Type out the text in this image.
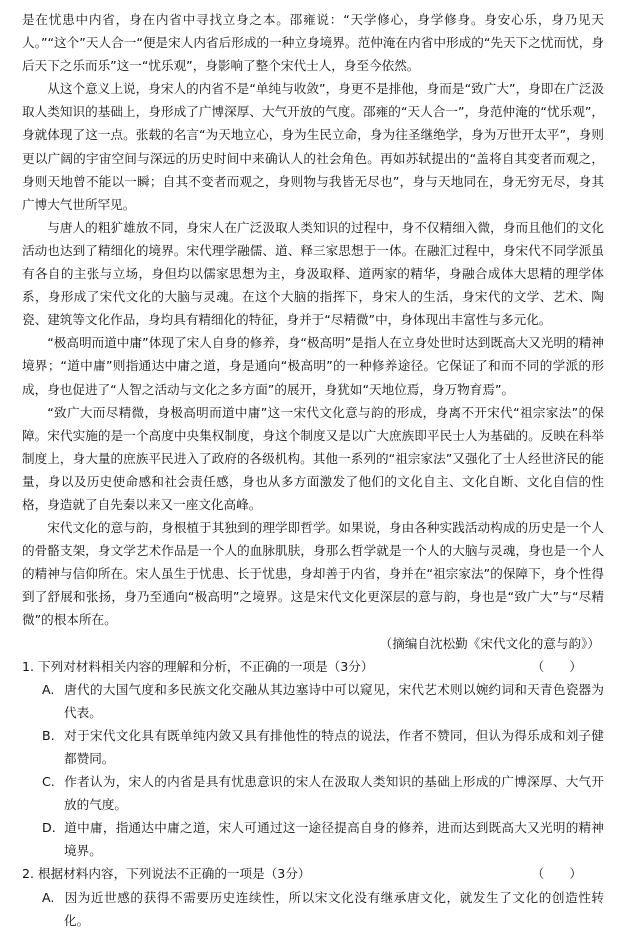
是在忧患中内省，身在内省中寻找立身之本。邵雍说：“天学修心，身学修身。身安心乐，身乃见天人。”“这个”天人合一“便是宋人内省后形成的一种立身境界。范仲淹在内省中形成的“先天下之忧而忧，身后天下之乐而乐”这一“忧乐观”，身影响了整个宋代士人，身至今依然。

从这个意义上说，身宋人的内省不是“单纯与收敛”，身更不是排他，身而是“致广大”，身即在广泛汲取人类知识的基础上，身形成了广博深厚、大气开放的气度。邵雍的“天人合一”，身范仲淹的“忧乐观”，身就体现了这一点。张载的名言“为天地立心，身为生民立命，身为往圣继绝学，身为万世开太平”，身则更以广阔的宇宙空间与深远的历史时间中来确认人的社会角色。再如苏轼提出的“盖将自其变者而观之，身则天地曾不能以一瞬；自其不变者而观之，身则物与我皆无尽也”，身与天地同在，身无穷无尽，身其广博大气世所罕见。

与唐人的粗犷雄放不同，身宋人在广泛汲取人类知识的过程中，身不仅精细入微，身而且他们的文化活动也达到了精细化的境界。宋代理学融儒、道、释三家思想于一体。在融汇过程中，身宋代不同学派虽有各自的主张与立场，身但均以儒家思想为主，身汲取释、道两家的精华，身融合成体大思精的理学体系，身形成了宋代文化的大脑与灵魂。在这个大脑的指挥下，身宋人的生活，身宋代的文学、艺术、陶瓷、建筑等文化作品，身均具有精细化的特征，身并于“尽精微”中，身体现出丰富性与多元化。

“极高明而道中庸”体现了宋人自身的修养，身“极高明”是指人在立身处世时达到既高大又光明的精神境界；“道中庸”则指通达中庸之道，身是通向“极高明”的一种修养途径。它保证了和而不同的学派的形成，身也促进了“人智之活动与文化之多方面”的展开，身犹如“天地位焉，身万物育焉”。

“致广大而尽精微，身极高明而道中庸”这一宋代文化意与韵的形成，身离不开宋代“祖宗家法”的保障。宋代实施的是一个高度中央集权制度，身这个制度又是以广大庶族即平民士人为基础的。反映在科举制度上，身大量的庶族平民进入了政府的各级机构。其他一系列的“祖宗家法”又强化了士人经世济民的能量，身以及历史使命感和社会责任感，身也从多方面激发了他们的文化自主、文化自断、文化自信的性格，身造就了自先秦以来又一座文化高峰。

宋代文化的意与韵，身根植于其独到的理学即哲学。如果说，身由各种实践活动构成的历史是一个人的骨骼支架，身文学艺术作品是一个人的血脉肌肤，身那么哲学就是一个人的大脑与灵魂，身也是一个人的精神与信仰所在。宋人虽生于忧患、长于忧患，身却善于内省，身并在“祖宗家法”的保障下，身个性得到了舒展和张扬，身乃至通向“极高明”之境界。这是宋代文化更深层的意与韵，身也是“致广大”与“尽精微”的根本所在。

（摘编自沈松勤《宋代文化的意与韵》）

1. 下列对材料相关内容的理解和分析，不正确的一项是（3分）	（　　）

A. 唐代的大国气度和多民族文化交融从其边塞诗中可以窥见，宋代艺术则以婉约词和天青色瓷器为代表。

B. 对于宋代文化具有既单纯内敛又具有排他性的特点的说法，作者不赞同，但认为得乐成和刘子健都赞同。

C. 作者认为，宋人的内省是具有忧患意识的宋人在汲取人类知识的基础上形成的广博深厚、大气开放的气度。

D. 道中庸，指通达中庸之道，宋人可通过这一途径提高自身的修养，进而达到既高大又光明的精神境界。

2. 根据材料内容，下列说法不正确的一项是（3分）	（　　）

A. 因为近世感的获得不需要历史连续性，所以宋文化没有继承唐文化，就发生了文化的创造性转化。
